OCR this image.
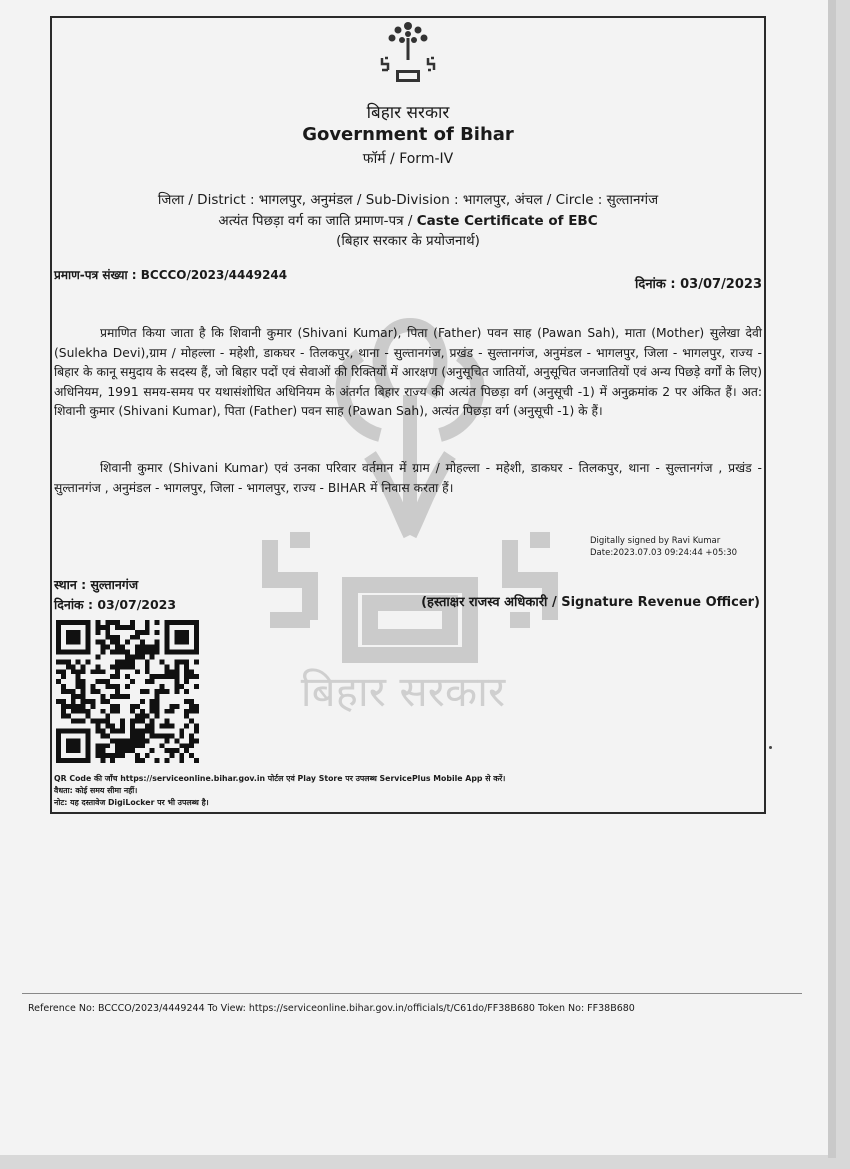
बिहार सरकार
बिहार सरकार
Government of Bihar
फॉर्म / Form-IV
जिला / District : भागलपुर, अनुमंडल / Sub-Division : भागलपुर, अंचल / Circle : सुल्तानगंज
अत्यंत पिछड़ा वर्ग का जाति प्रमाण-पत्र / Caste Certificate of EBC
(बिहार सरकार के प्रयोजनार्थ)
प्रमाण-पत्र संख्या : BCCCO/2023/4449244
दिनांक : 03/07/2023
प्रमाणित किया जाता है कि शिवानी कुमार (Shivani Kumar), पिता (Father) पवन साह (Pawan Sah), माता (Mother) सुलेखा देवी (Sulekha Devi),ग्राम / मोहल्ला - महेशी, डाकघर - तिलकपुर, थाना - सुल्तानगंज, प्रखंड - सुल्तानगंज, अनुमंडल - भागलपुर, जिला - भागलपुर, राज्य - बिहार के कानू समुदाय के सदस्य हैं, जो बिहार पदों एवं सेवाओं की रिक्तियों में आरक्षण (अनुसूचित जातियों, अनुसूचित जनजातियों एवं अन्य पिछड़े वर्गों के लिए) अधिनियम, 1991 समय-समय पर यथासंशोधित अधिनियम के अंतर्गत बिहार राज्य की अत्यंत पिछड़ा वर्ग (अनुसूची -1) में अनुक्रमांक 2 पर अंकित हैं। अत: शिवानी कुमार (Shivani Kumar), पिता (Father) पवन साह (Pawan Sah), अत्यंत पिछड़ा वर्ग (अनुसूची -1) के हैं।
शिवानी कुमार (Shivani Kumar) एवं उनका परिवार वर्तमान में ग्राम / मोहल्ला - महेशी, डाकघर - तिलकपुर, थाना - सुल्तानगंज , प्रखंड - सुल्तानगंज , अनुमंडल - भागलपुर, जिला - भागलपुर, राज्य - BIHAR में निवास करता हैं।
Digitally signed by Ravi Kumar
Date:2023.07.03 09:24:44 +05:30
स्थान : सुल्तानगंज
दिनांक : 03/07/2023	(हस्ताक्षर राजस्व अधिकारी / Signature Revenue Officer)
QR Code की जाँच https://serviceonline.bihar.gov.in पोर्टल एवं Play Store पर उपलब्ध ServicePlus Mobile App से करें।
वैधता: कोई समय सीमा नहीं।
नोट: यह दस्तावेज DigiLocker पर भी उपलब्ध है।
Reference No: BCCCO/2023/4449244 To View: https://serviceonline.bihar.gov.in/officials/t/C61do/FF38B680 Token No: FF38B680
